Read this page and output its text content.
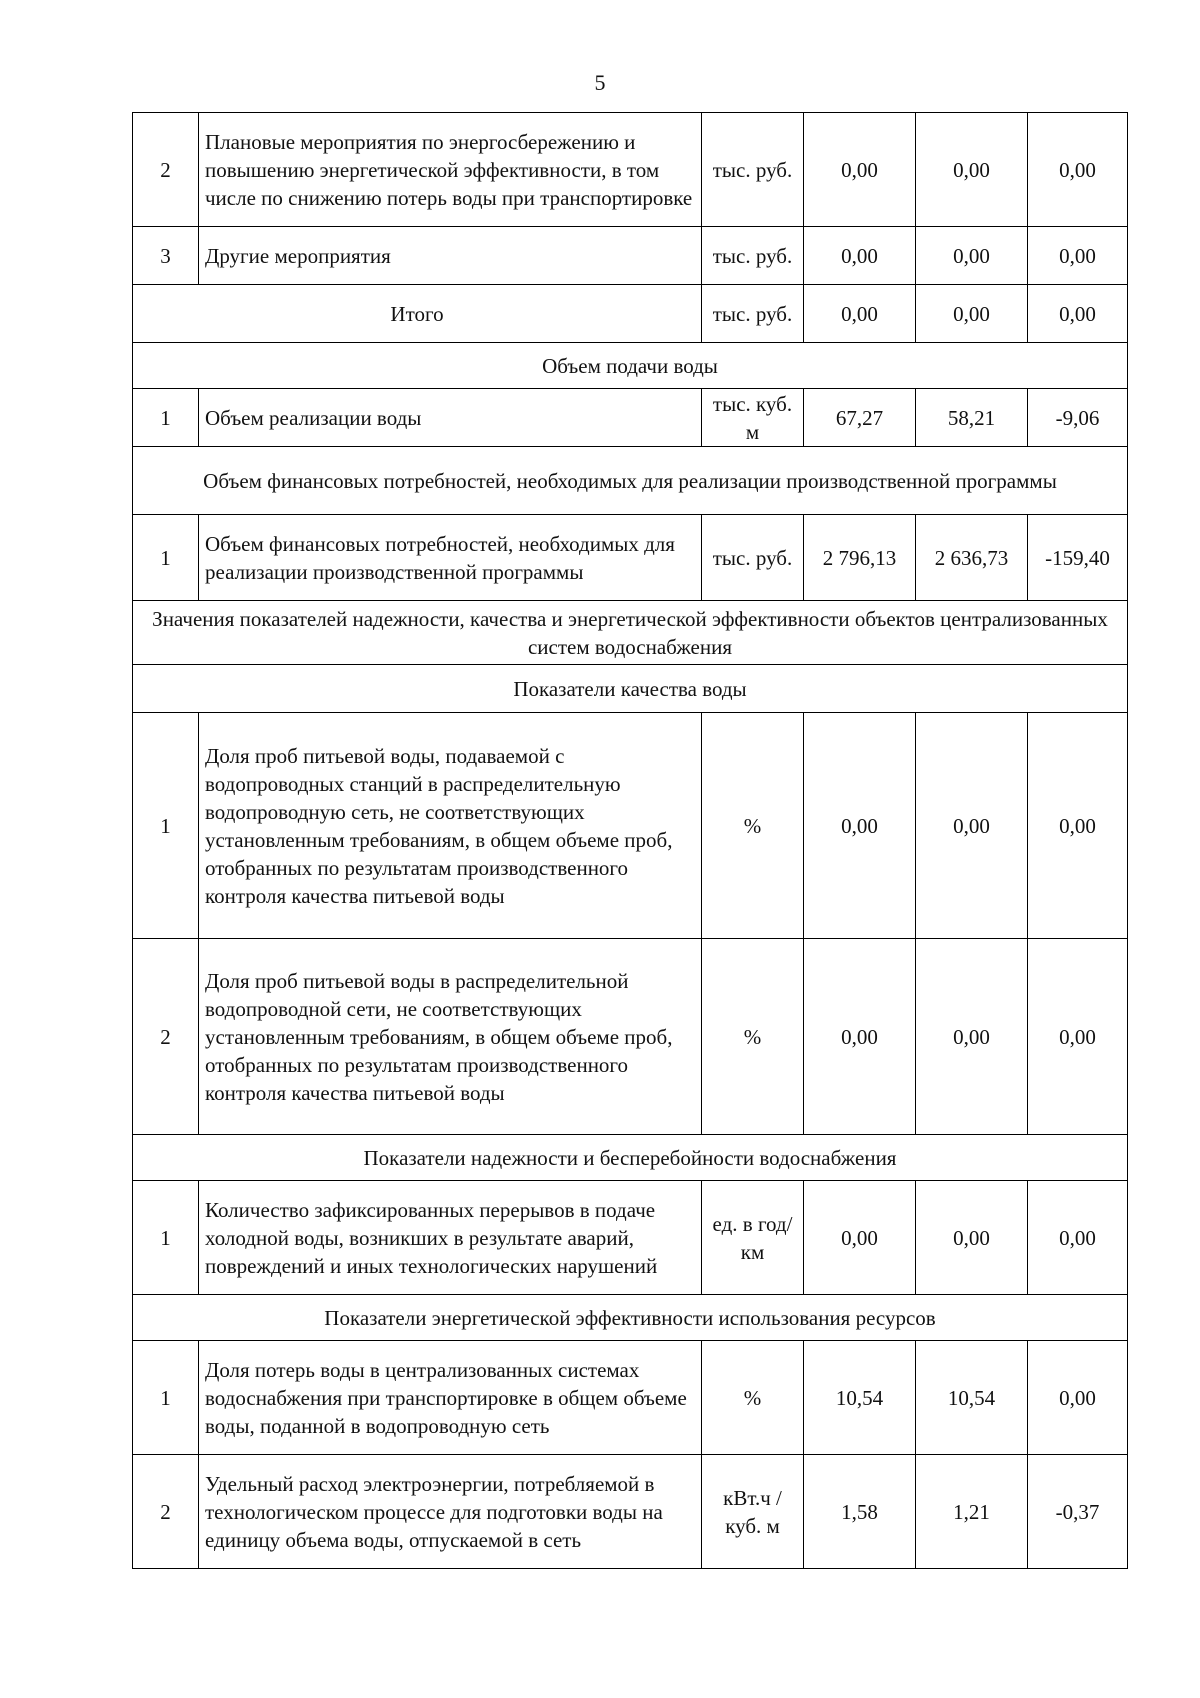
5
2	Плановые мероприятия по энергосбережению и повышению энергетической эффективности, в том числе по снижению потерь воды при транспортировке	тыс. руб.	0,00	0,00	0,00
3	Другие мероприятия	тыс. руб.	0,00	0,00	0,00
Итого		тыс. руб.	0,00	0,00	0,00
Объем подачи воды					
1	Объем реализации воды	тыс. куб. м	67,27	58,21	-9,06
Объем финансовых потребностей, необходимых для реализации производственной программы					
1	Объем финансовых потребностей, необходимых для реализации производственной программы	тыс. руб.	2 796,13	2 636,73	-159,40
Значения показателей надежности, качества и энергетической эффективности объектов централизованных систем водоснабжения					
Показатели качества воды					
1	Доля проб питьевой воды, подаваемой с водопроводных станций в распределительную водопроводную сеть, не соответствующих установленным требованиям, в общем объеме проб, отобранных по результатам производственного контроля качества питьевой воды	%	0,00	0,00	0,00
2	Доля проб питьевой воды в распределительной водопроводной сети, не соответствующих установленным требованиям, в общем объеме проб, отобранных по результатам производственного контроля качества питьевой воды	%	0,00	0,00	0,00
Показатели надежности и бесперебойности водоснабжения					
1	Количество зафиксированных перерывов в подаче холодной воды, возникших в результате аварий, повреждений и иных технологических нарушений	ед. в год/ км	0,00	0,00	0,00
Показатели энергетической эффективности использования ресурсов					
1	Доля потерь воды в централизованных системах водоснабжения при транспортировке в общем объеме воды, поданной в водопроводную сеть	%	10,54	10,54	0,00
2	Удельный расход электроэнергии, потребляемой в технологическом процессе для подготовки воды на единицу объема воды, отпускаемой в сеть	кВт.ч / куб. м	1,58	1,21	-0,37
